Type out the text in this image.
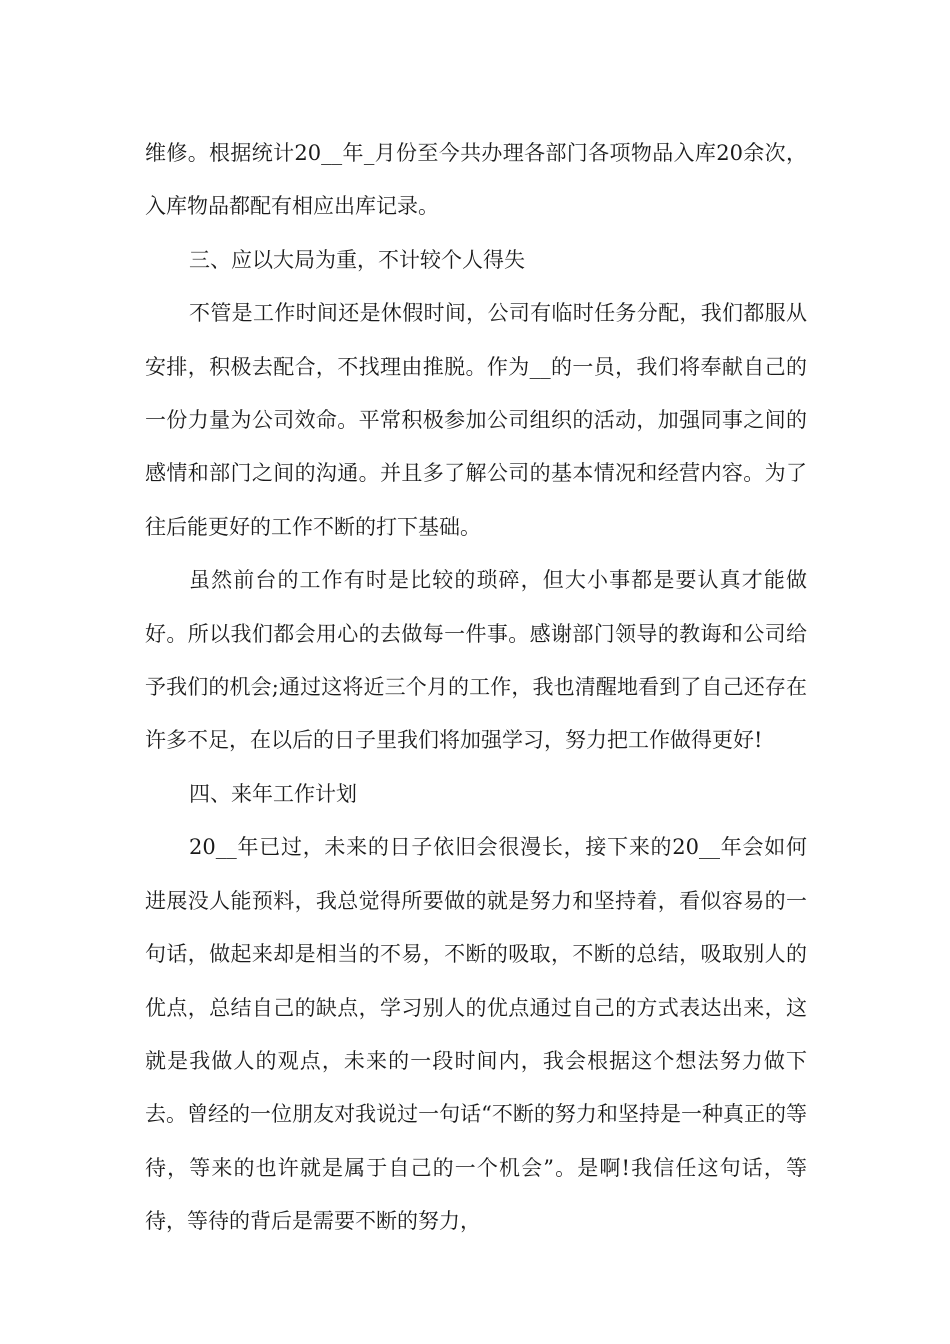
维修。根据统计20__年_月份至今共办理各部门各项物品入库20余次，入库物品都配有相应出库记录。

三、应以大局为重，不计较个人得失

不管是工作时间还是休假时间，公司有临时任务分配，我们都服从安排，积极去配合，不找理由推脱。作为__的一员，我们将奉献自己的一份力量为公司效命。平常积极参加公司组织的活动，加强同事之间的感情和部门之间的沟通。并且多了解公司的基本情况和经营内容。为了往后能更好的工作不断的打下基础。

虽然前台的工作有时是比较的琐碎，但大小事都是要认真才能做好。所以我们都会用心的去做每一件事。感谢部门领导的教诲和公司给予我们的机会;通过这将近三个月的工作，我也清醒地看到了自己还存在许多不足，在以后的日子里我们将加强学习，努力把工作做得更好!

四、来年工作计划

20__年已过，未来的日子依旧会很漫长，接下来的20__年会如何进展没人能预料，我总觉得所要做的就是努力和坚持着，看似容易的一句话，做起来却是相当的不易，不断的吸取，不断的总结，吸取别人的优点，总结自己的缺点，学习别人的优点通过自己的方式表达出来，这就是我做人的观点，未来的一段时间内，我会根据这个想法努力做下去。曾经的一位朋友对我说过一句话“不断的努力和坚持是一种真正的等待，等来的也许就是属于自己的一个机会”。是啊!我信任这句话，等待，等待的背后是需要不断的努力，
